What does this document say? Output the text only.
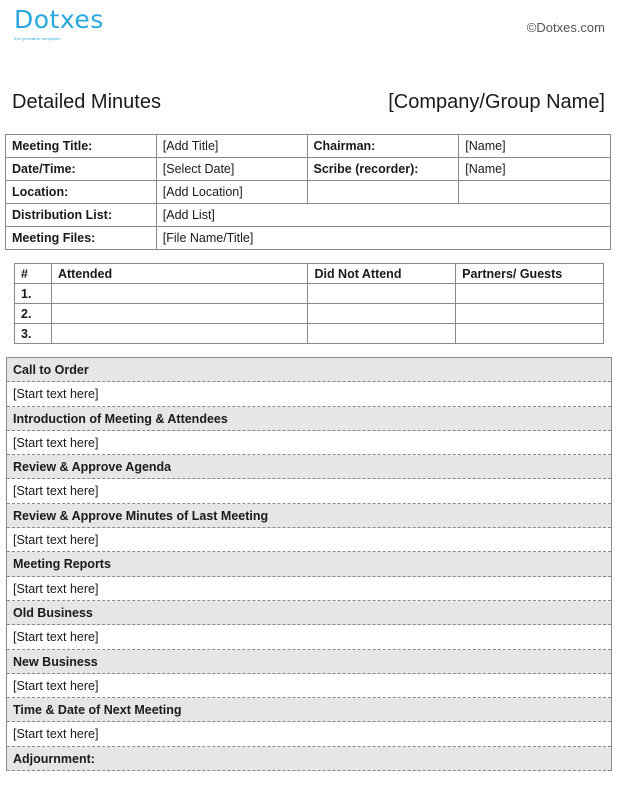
Dotxes
free printable templates
©Dotxes.com
Detailed Minutes	[Company/Group Name]
Meeting Title:	[Add Title]	Chairman:	[Name]
Date/Time:	[Select Date]	Scribe (recorder):	[Name]
Location:	[Add Location]		
Distribution List:	[Add List]		
Meeting Files:	[File Name/Title]		
#	Attended	Did Not Attend	Partners/ Guests
1.			
2.			
3.			
Call to Order
[Start text here]
Introduction of Meeting & Attendees
[Start text here]
Review & Approve Agenda
[Start text here]
Review & Approve Minutes of Last Meeting
[Start text here]
Meeting Reports
[Start text here]
Old Business
[Start text here]
New Business
[Start text here]
Time & Date of Next Meeting
[Start text here]
Adjournment:
